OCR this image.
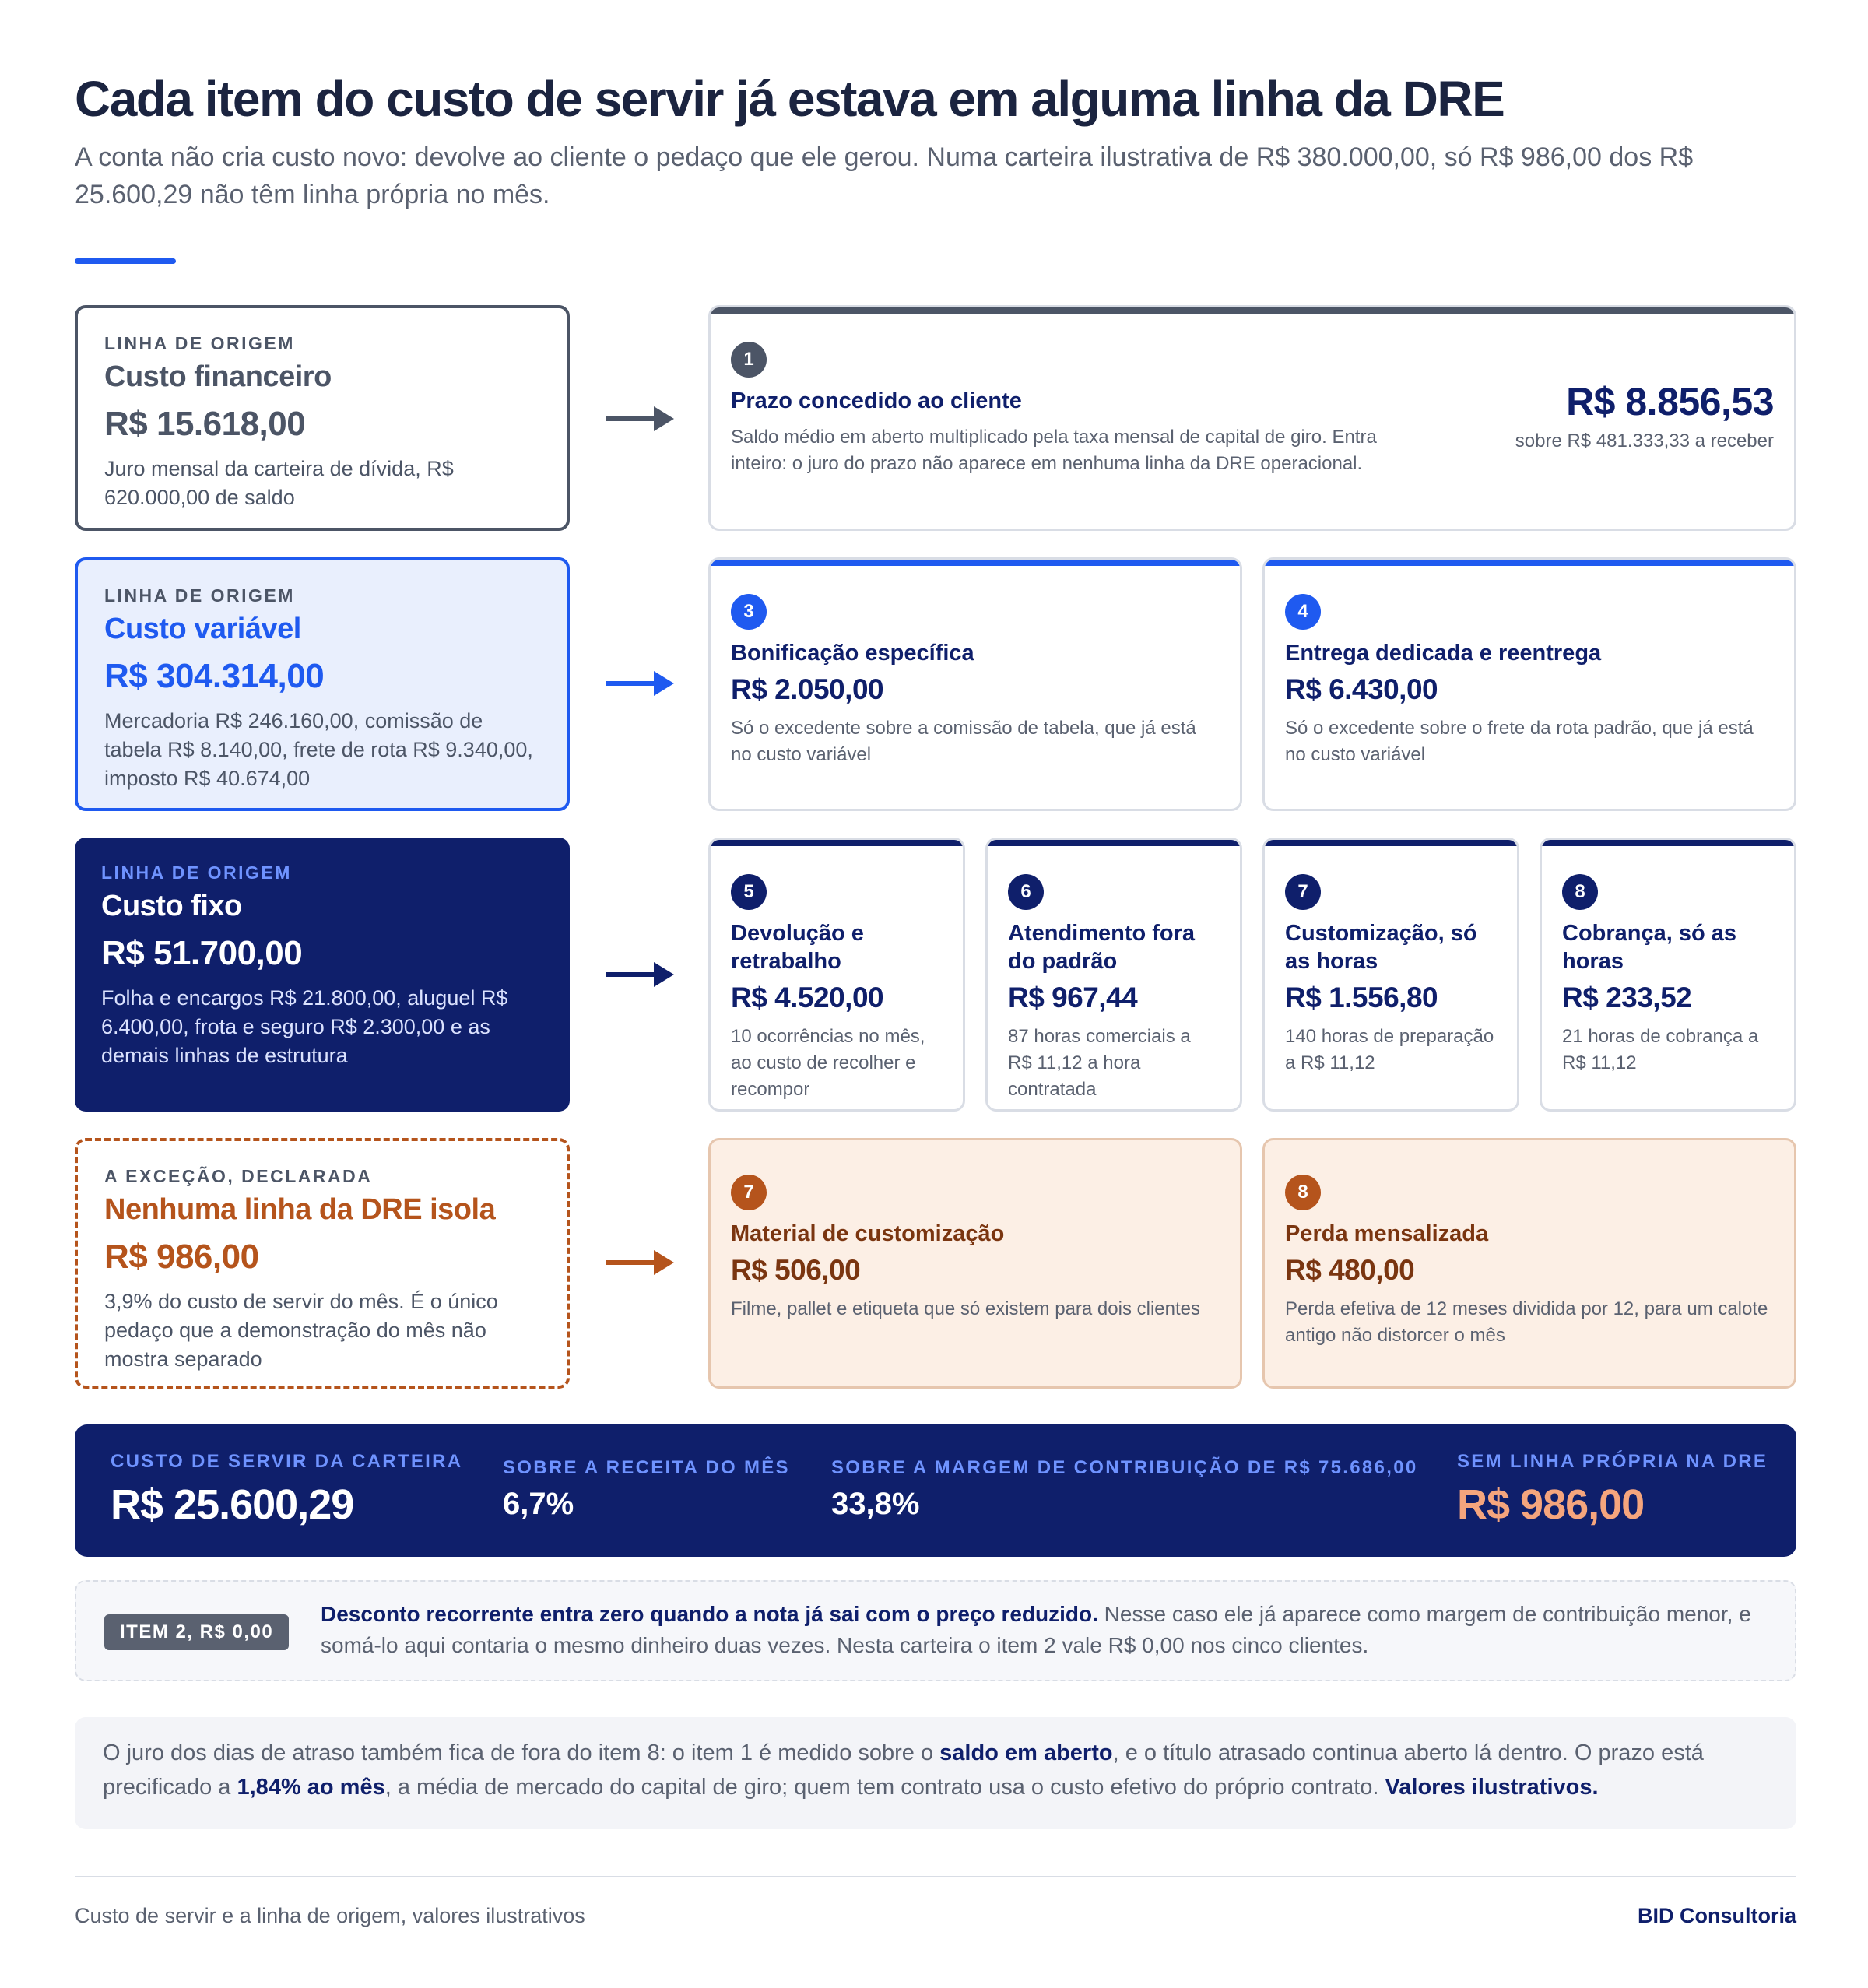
Cada item do custo de servir já estava em alguma linha da DRE

A conta não cria custo novo: devolve ao cliente o pedaço que ele gerou. Numa carteira ilustrativa de R$ 380.000,00, só R$ 986,00 dos R$ 25.600,29 não têm linha própria no mês.

LINHA DE ORIGEM
Custo financeiro
R$ 15.618,00
Juro mensal da carteira de dívida, R$ 620.000,00 de saldo
LINHA DE ORIGEM
Custo variável
R$ 304.314,00
Mercadoria R$ 246.160,00, comissão de tabela R$ 8.140,00, frete de rota R$ 9.340,00, imposto R$ 40.674,00
LINHA DE ORIGEM
Custo fixo
R$ 51.700,00
Folha e encargos R$ 21.800,00, aluguel R$ 6.400,00, frota e seguro R$ 2.300,00 e as demais linhas de estrutura
A EXCEÇÃO, DECLARADA
Nenhuma linha da DRE isola
R$ 986,00
3,9% do custo de servir do mês. É o único pedaço que a demonstração do mês não mostra separado
1
Prazo concedido ao cliente
Saldo médio em aberto multiplicado pela taxa mensal de capital de giro. Entra inteiro: o juro do prazo não aparece em nenhuma linha da DRE operacional.
R$ 8.856,53
sobre R$ 481.333,33 a receber
3
Bonificação específica
R$ 2.050,00
Só o excedente sobre a comissão de tabela, que já está no custo variável
4
Entrega dedicada e reentrega
R$ 6.430,00
Só o excedente sobre o frete da rota padrão, que já está no custo variável
5
Devolução e retrabalho
R$ 4.520,00
10 ocorrências no mês, ao custo de recolher e recompor
6
Atendimento fora do padrão
R$ 967,44
87 horas comerciais a R$ 11,12 a hora contratada
7
Customização, só as horas
R$ 1.556,80
140 horas de preparação a R$ 11,12
8
Cobrança, só as horas
R$ 233,52
21 horas de cobrança a R$ 11,12
7
Material de customização
R$ 506,00
Filme, pallet e etiqueta que só existem para dois clientes
8
Perda mensalizada
R$ 480,00
Perda efetiva de 12 meses dividida por 12, para um calote antigo não distorcer o mês
CUSTO DE SERVIR DA CARTEIRA
R$ 25.600,29
SOBRE A RECEITA DO MÊS
6,7%
SOBRE A MARGEM DE CONTRIBUIÇÃO DE R$ 75.686,00
33,8%
SEM LINHA PRÓPRIA NA DRE
R$ 986,00
ITEM 2, R$ 0,00
Desconto recorrente entra zero quando a nota já sai com o preço reduzido. Nesse caso ele já aparece como margem de contribuição menor, e somá-lo aqui contaria o mesmo dinheiro duas vezes. Nesta carteira o item 2 vale R$ 0,00 nos cinco clientes.
O juro dos dias de atraso também fica de fora do item 8: o item 1 é medido sobre o saldo em aberto, e o título atrasado continua aberto lá dentro. O prazo está precificado a 1,84% ao mês, a média de mercado do capital de giro; quem tem contrato usa o custo efetivo do próprio contrato. Valores ilustrativos.
Custo de servir e a linha de origem, valores ilustrativos	BID Consultoria
